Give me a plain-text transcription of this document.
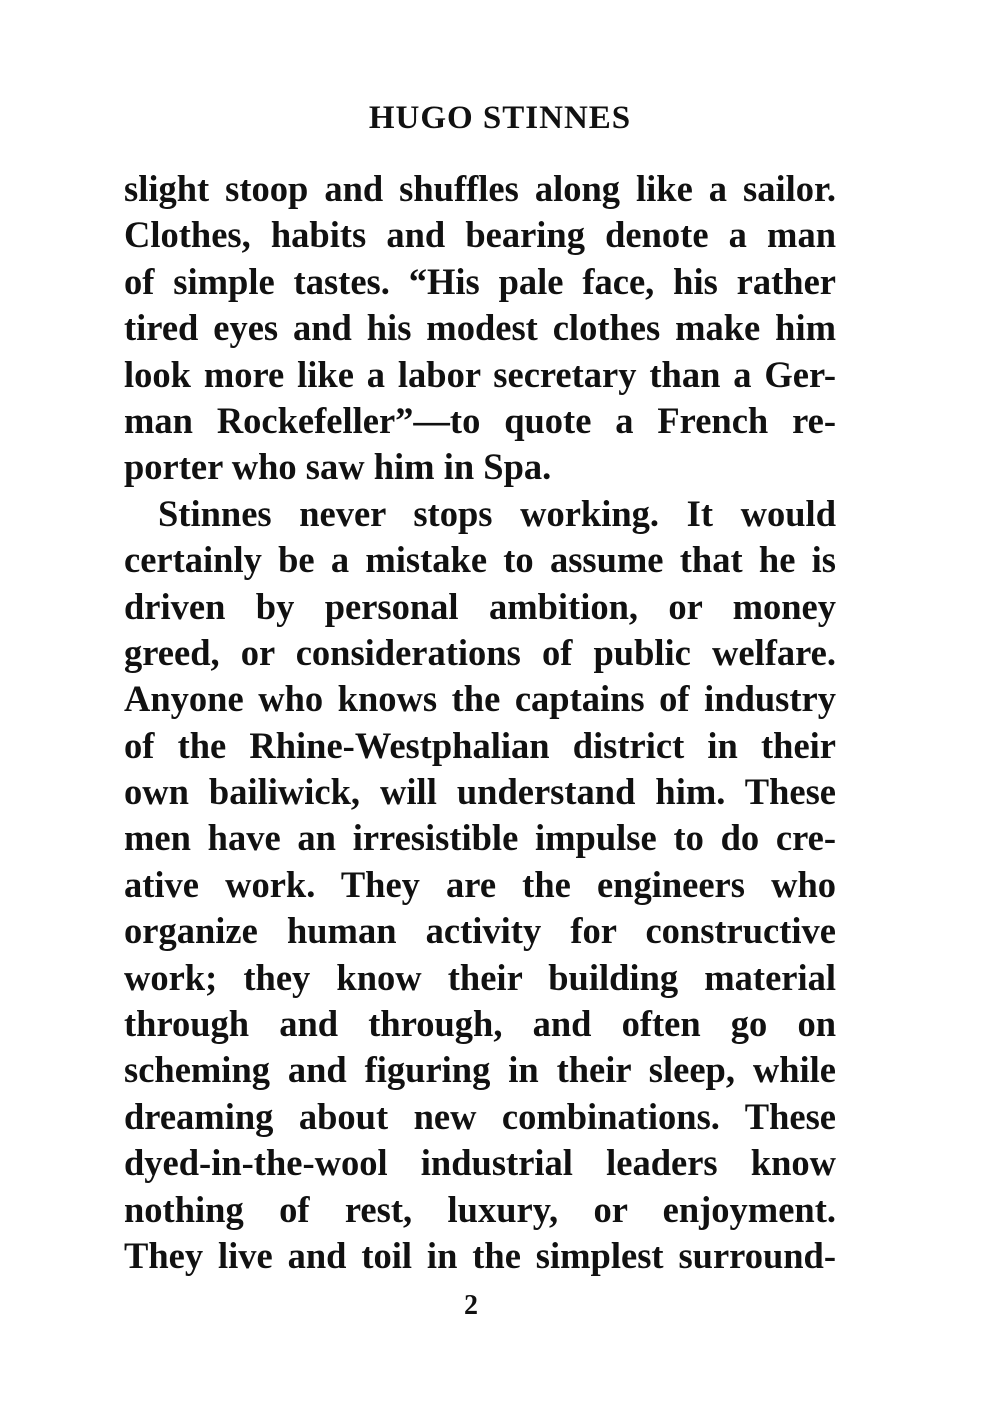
HUGO STINNES
slight stoop and shuffles along like a sailor.
Clothes, habits and bearing denote a man
of simple tastes. “His pale face, his rather
tired eyes and his modest clothes make him
look more like a labor secretary than a Ger-
man Rockefeller”—to quote a French re-
porter who saw him in Spa.
Stinnes never stops working. It would
certainly be a mistake to assume that he is
driven by personal ambition, or money
greed, or considerations of public welfare.
Anyone who knows the captains of industry
of the Rhine-Westphalian district in their
own bailiwick, will understand him. These
men have an irresistible impulse to do cre-
ative work. They are the engineers who
organize human activity for constructive
work; they know their building material
through and through, and often go on
scheming and figuring in their sleep, while
dreaming about new combinations. These
dyed-in-the-wool industrial leaders know
nothing of rest, luxury, or enjoyment.
They live and toil in the simplest surround-
2
